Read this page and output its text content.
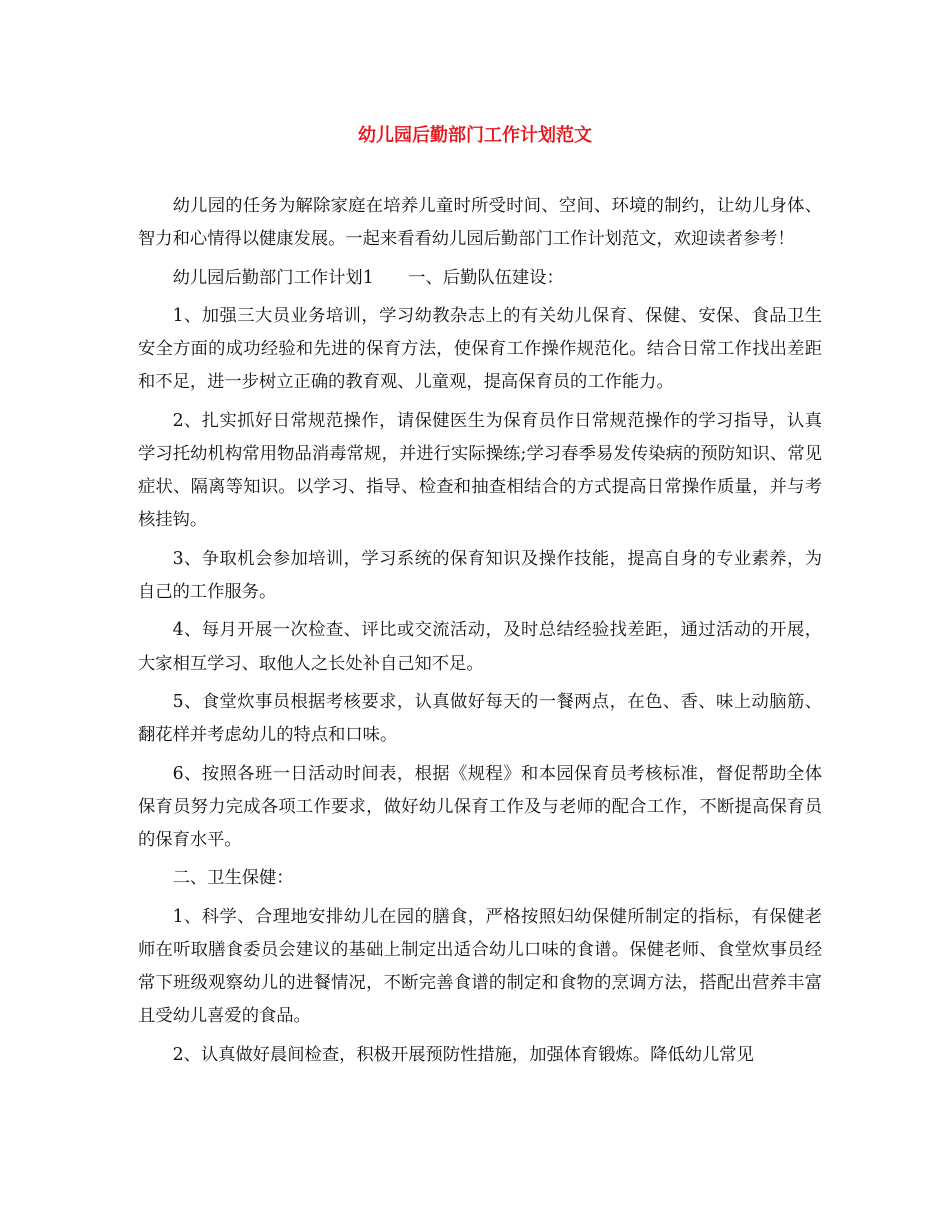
幼儿园后勤部门工作计划范文

幼儿园的任务为解除家庭在培养儿童时所受时间、空间、环境的制约，让幼儿身体、智力和心情得以健康发展。一起来看看幼儿园后勤部门工作计划范文，欢迎读者参考！

幼儿园后勤部门工作计划1　　一、后勤队伍建设：

1、加强三大员业务培训，学习幼教杂志上的有关幼儿保育、保健、安保、食品卫生安全方面的成功经验和先进的保育方法，使保育工作操作规范化。结合日常工作找出差距和不足，进一步树立正确的教育观、儿童观，提高保育员的工作能力。

2、扎实抓好日常规范操作，请保健医生为保育员作日常规范操作的学习指导，认真学习托幼机构常用物品消毒常规，并进行实际操练;学习春季易发传染病的预防知识、常见症状、隔离等知识。以学习、指导、检查和抽查相结合的方式提高日常操作质量，并与考核挂钩。

3、争取机会参加培训，学习系统的保育知识及操作技能，提高自身的专业素养，为自己的工作服务。

4、每月开展一次检查、评比或交流活动，及时总结经验找差距，通过活动的开展，大家相互学习、取他人之长处补自己知不足。

5、食堂炊事员根据考核要求，认真做好每天的一餐两点，在色、香、味上动脑筋、翻花样并考虑幼儿的特点和口味。

6、按照各班一日活动时间表，根据《规程》和本园保育员考核标准，督促帮助全体保育员努力完成各项工作要求，做好幼儿保育工作及与老师的配合工作，不断提高保育员的保育水平。

二、卫生保健：

1、科学、合理地安排幼儿在园的膳食，严格按照妇幼保健所制定的指标，有保健老师在听取膳食委员会建议的基础上制定出适合幼儿口味的食谱。保健老师、食堂炊事员经常下班级观察幼儿的进餐情况，不断完善食谱的制定和食物的烹调方法，搭配出营养丰富且受幼儿喜爱的食品。

2、认真做好晨间检查，积极开展预防性措施，加强体育锻炼。降低幼儿常见
